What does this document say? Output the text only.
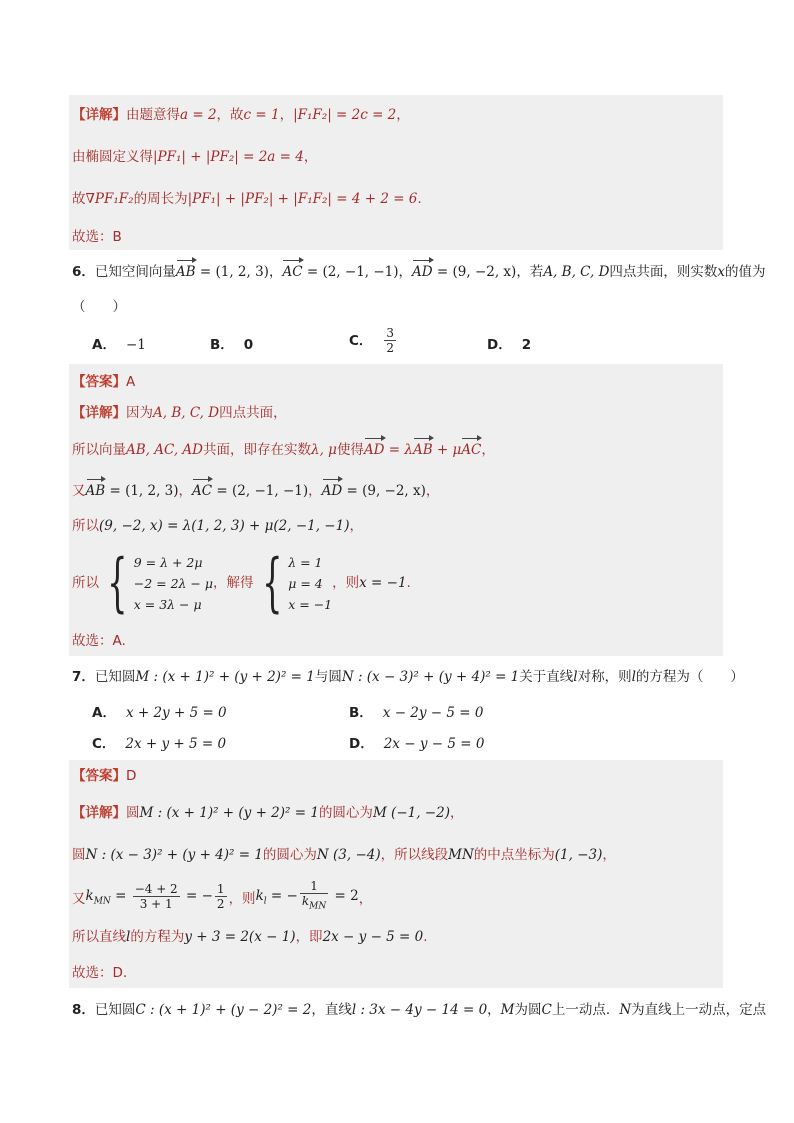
【详解】由题意得a = 2，故c = 1，|F₁F₂| = 2c = 2，
由椭圆定义得|PF₁| + |PF₂| = 2a = 4，
故∇PF₁F₂的周长为|PF₁| + |PF₂| + |F₁F₂| = 4 + 2 = 6.
故选：B
6．已知空间向量AB = (1, 2, 3)，AC = (2, −1, −1)，AD = (9, −2, x)，若A, B, C, D四点共面，则实数x的值为
（　　）
A． −1	B． 0	C． $\frac{3}{2}$	D． 2
【答案】A
【详解】因为A, B, C, D四点共面，
所以向量AB, AC, AD共面，即存在实数λ, μ使得AD = λAB + μAC，
又AB = (1, 2, 3)，AC = (2, −1, −1)，AD = (9, −2, x)，
所以(9, −2, x) = λ(1, 2, 3) + μ(2, −1, −1)，
所以 { 9 = λ + 2μ
−2 = 2λ − μ
x = 3λ − μ
，解得 { λ = 1
μ = 4
x = −1
，则x = −1.
故选：A.
7．已知圆M : (x + 1)² + (y + 2)² = 1与圆N : (x − 3)² + (y + 4)² = 1关于直线l对称，则l的方程为（　　）
A． x + 2y + 5 = 0	B． x − 2y − 5 = 0
C． 2x + y + 5 = 0	D． 2x − y − 5 = 0
【答案】D
【详解】圆M : (x + 1)² + (y + 2)² = 1的圆心为M (−1, −2)，
圆N : (x − 3)² + (y + 4)² = 1的圆心为N (3, −4)，所以线段MN的中点坐标为(1, −3)，
又$k_{MN} = \frac{-4 + 2}{3 + 1}$ = − $\frac{1}{2}$ ，则$k_l$ = − $\frac{1}{k_{MN}} = 2$，
所以直线l的方程为y + 3 = 2(x − 1)，即2x − y − 5 = 0.
故选：D.
8．已知圆C : (x + 1)² + (y − 2)² = 2，直线l : 3x − 4y − 14 = 0，M为圆C上一动点．N为直线上一动点，定点
